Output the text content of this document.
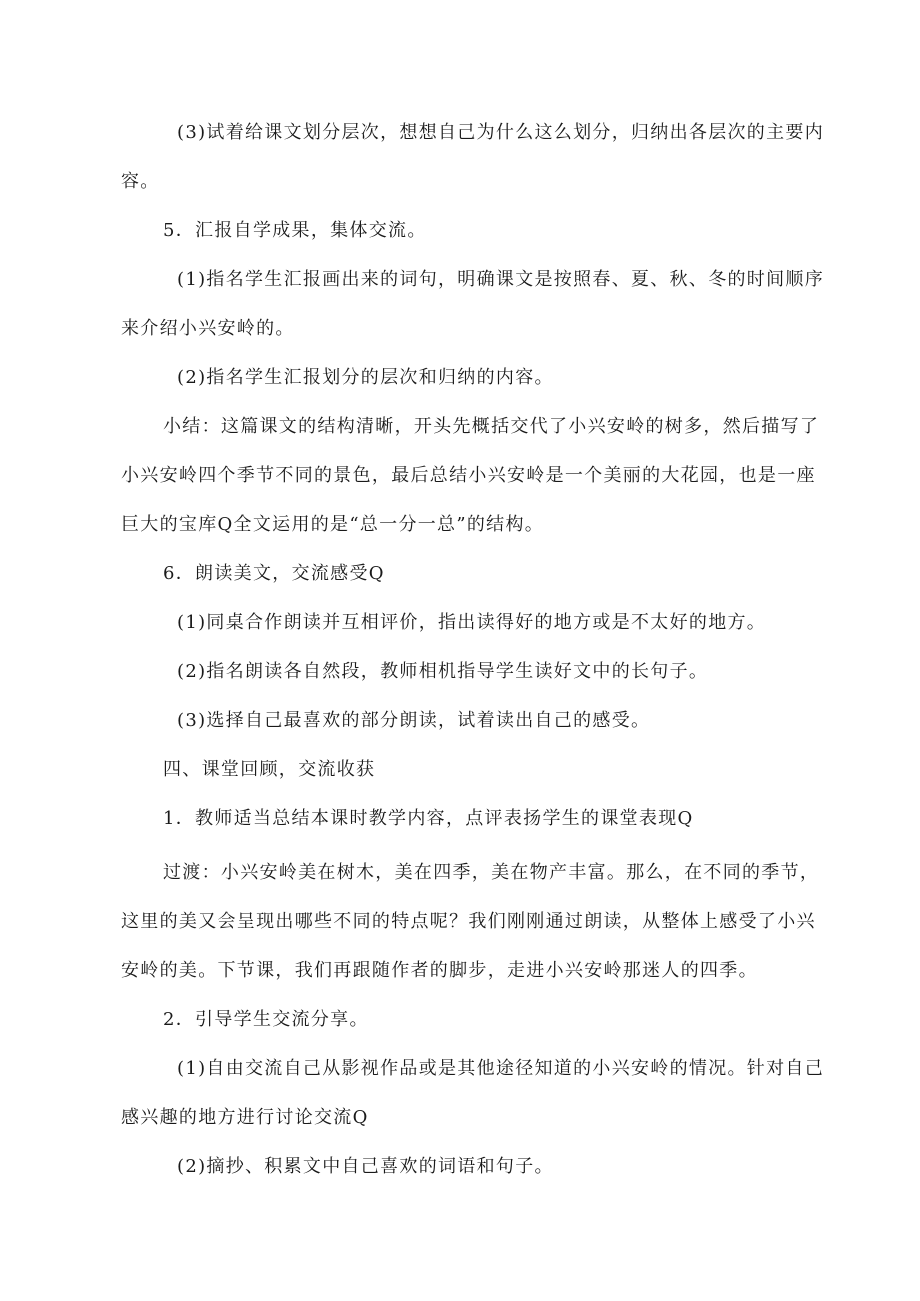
(3)试着给课文划分层次，想想自己为什么这么划分，归纳出各层次的主要内
容。
5．汇报自学成果，集体交流。
(1)指名学生汇报画出来的词句，明确课文是按照春、夏、秋、冬的时间顺序
来介绍小兴安岭的。
(2)指名学生汇报划分的层次和归纳的内容。
小结：这篇课文的结构清晰，开头先概括交代了小兴安岭的树多，然后描写了
小兴安岭四个季节不同的景色，最后总结小兴安岭是一个美丽的大花园，也是一座
巨大的宝库Q全文运用的是“总一分一总”的结构。
6．朗读美文，交流感受Q
(1)同桌合作朗读并互相评价，指出读得好的地方或是不太好的地方。
(2)指名朗读各自然段，教师相机指导学生读好文中的长句子。
(3)选择自己最喜欢的部分朗读，试着读出自己的感受。
四、课堂回顾，交流收获
1．教师适当总结本课时教学内容，点评表扬学生的课堂表现Q
过渡：小兴安岭美在树木，美在四季，美在物产丰富。那么，在不同的季节，
这里的美又会呈现出哪些不同的特点呢？我们刚刚通过朗读，从整体上感受了小兴
安岭的美。下节课，我们再跟随作者的脚步，走进小兴安岭那迷人的四季。
2．引导学生交流分享。
(1)自由交流自己从影视作品或是其他途径知道的小兴安岭的情况。针对自己
感兴趣的地方进行讨论交流Q
(2)摘抄、积累文中自己喜欢的词语和句子。
